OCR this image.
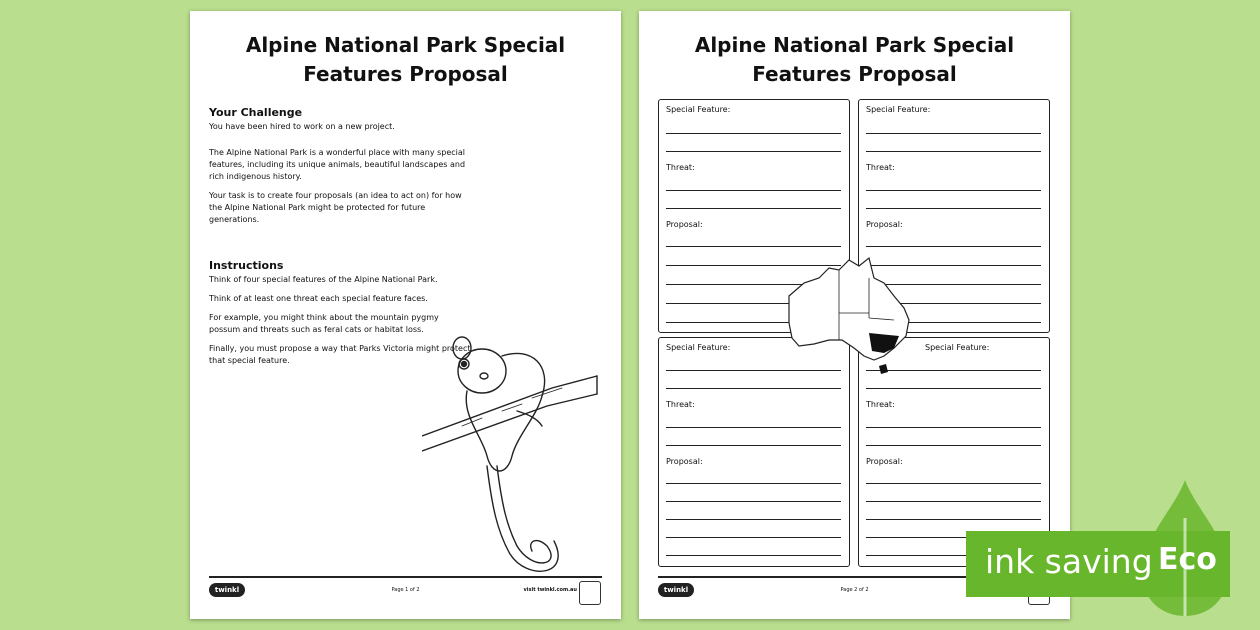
Alpine National Park Special
Features Proposal
Your Challenge

You have been hired to work on a new project.

The Alpine National Park is a wonderful place with many special features, including its unique animals, beautiful landscapes and rich indigenous history.

Your task is to create four proposals (an idea to act on) for how the Alpine National Park might be protected for future generations.

Instructions

Think of four special features of the Alpine National Park.

Think of at least one threat each special feature faces.

For example, you might think about the mountain pygmy possum and threats such as feral cats or habitat loss.

Finally, you must propose a way that Parks Victoria might protect that special feature.

twinkl	Page 1 of 2	visit twinkl.com.au
Alpine National Park Special
Features Proposal
Special Feature:
Threat:
Proposal:
Special Feature:
Threat:
Proposal:
Special Feature:
Threat:
Proposal:
Special Feature:
Threat:
Proposal:
twinkl	Page 2 of 2
ink saving Eco
